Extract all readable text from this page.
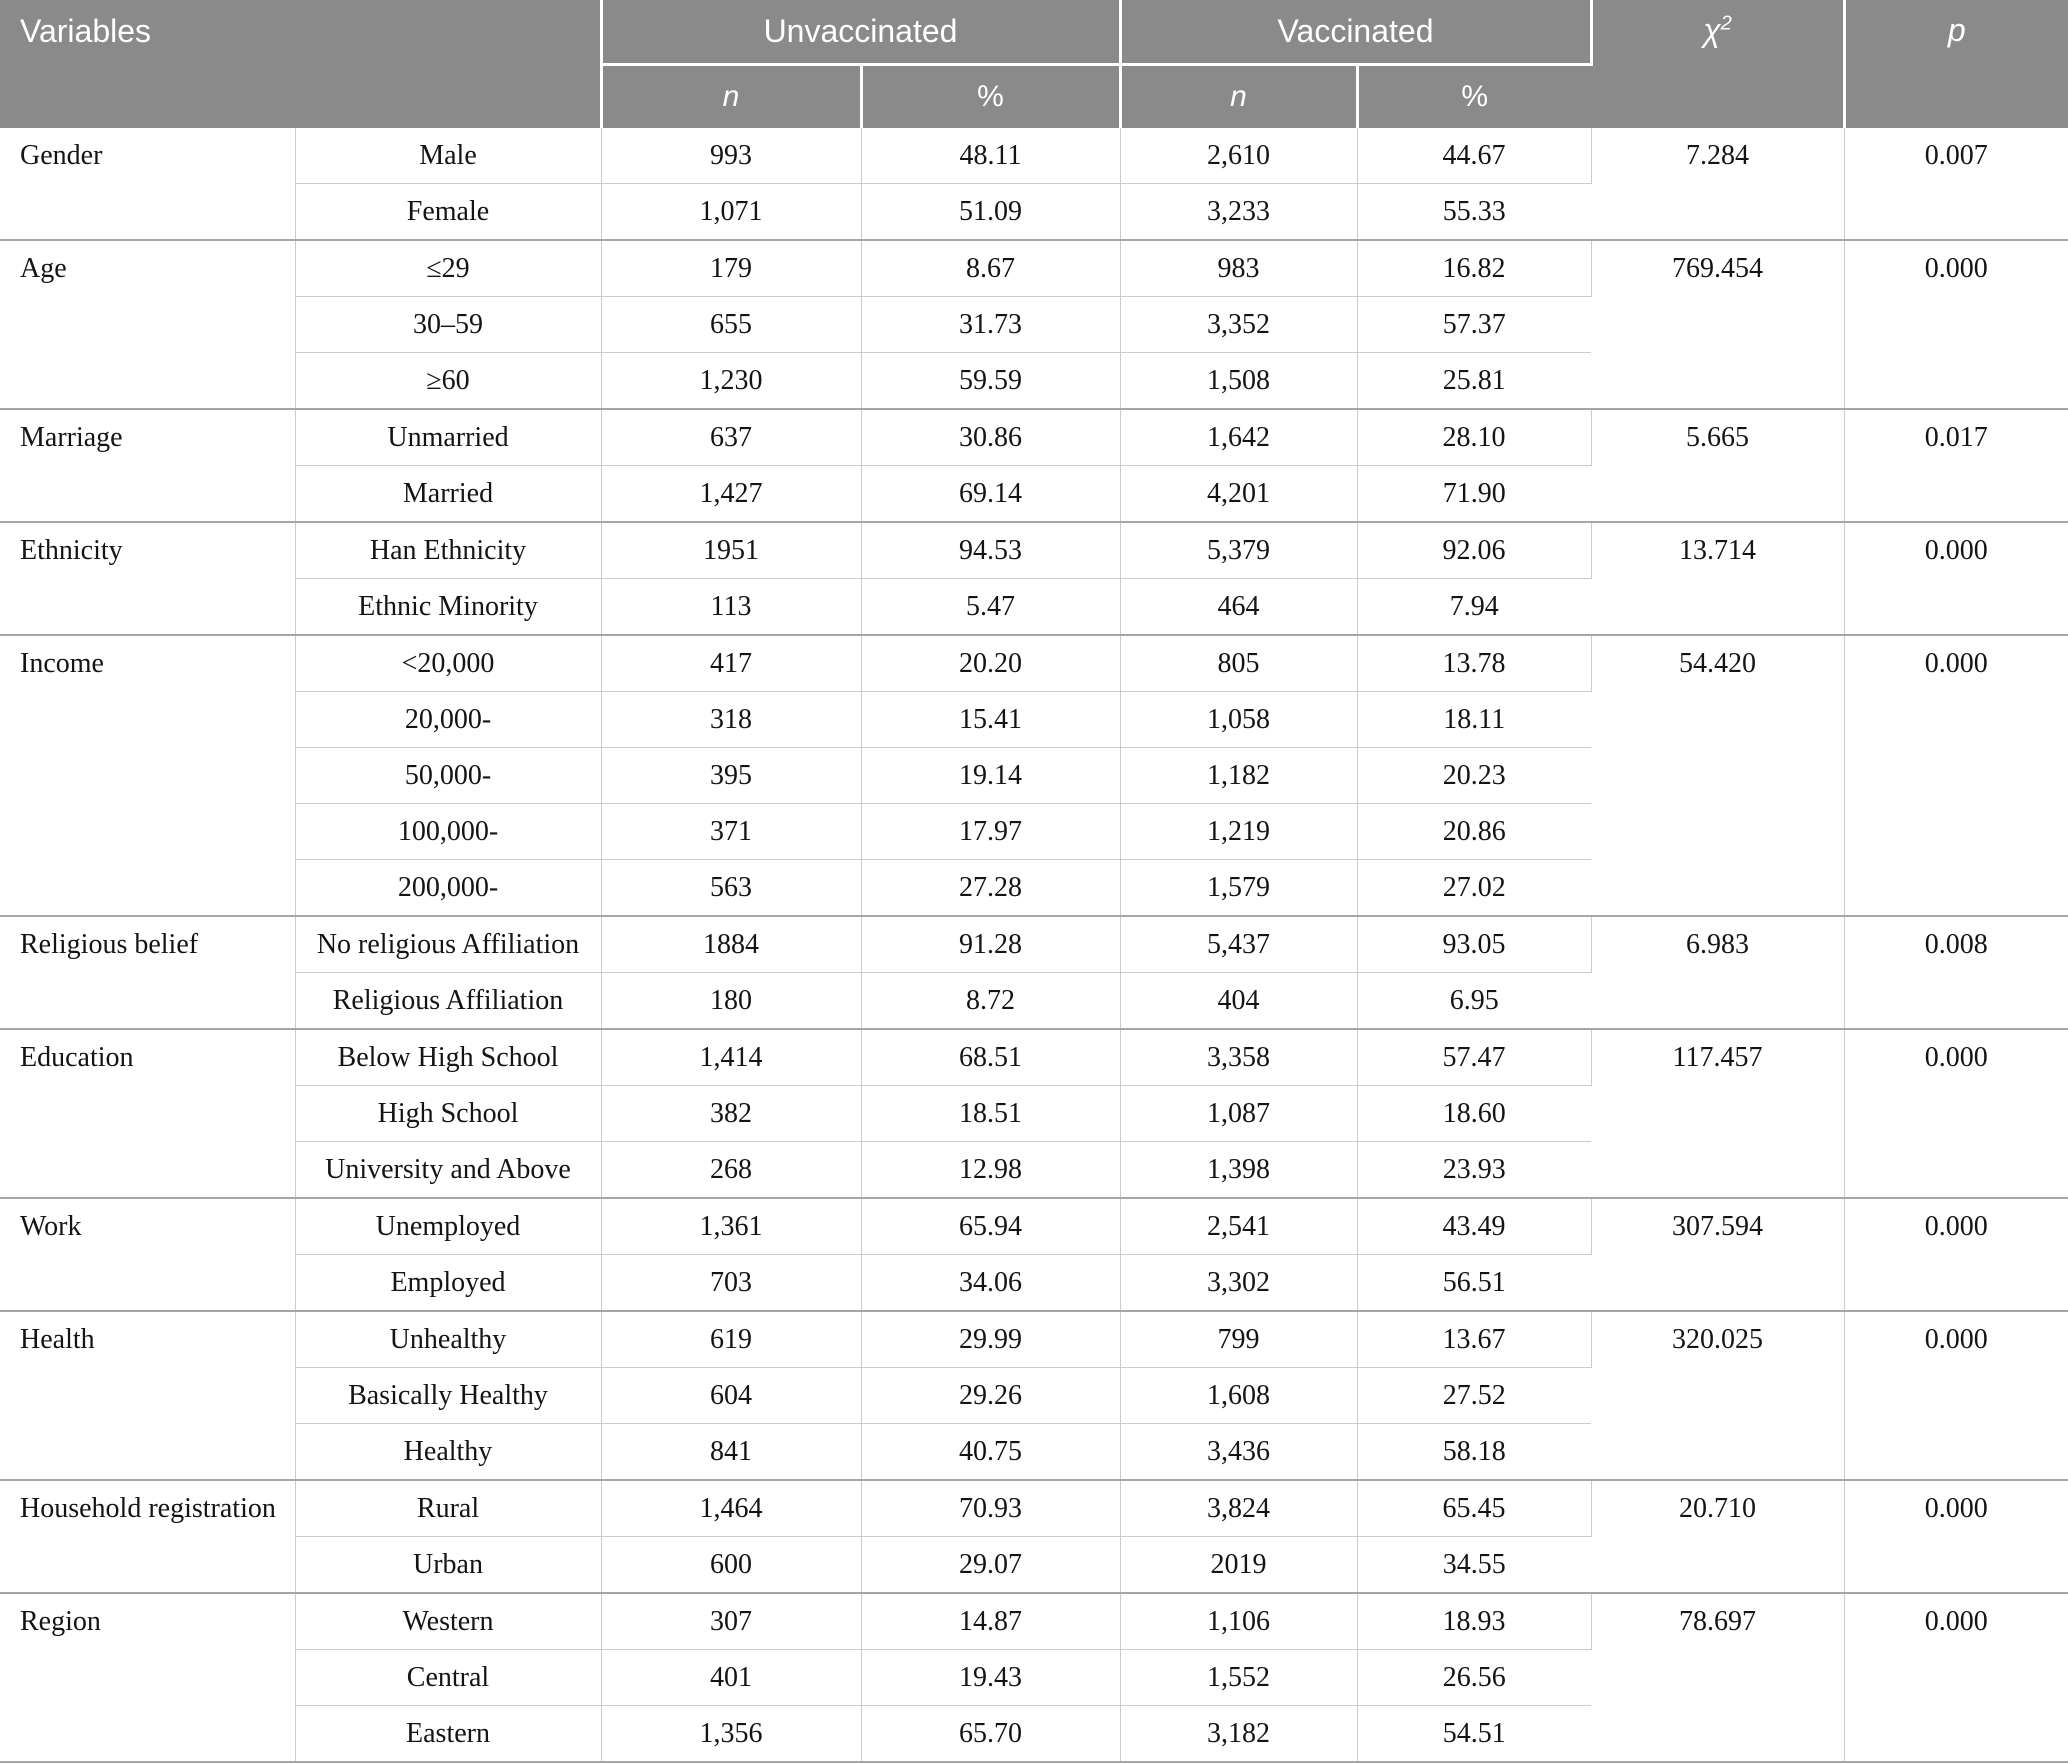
Variables		Unvaccinated		Vaccinated		$\chi^2$	p
		n	%	n	%		
Gender	Male	993	48.11	2,610	44.67	7.284	0.007
	Female	1,071	51.09	3,233	55.33		
Age	≤29	179	8.67	983	16.82	769.454	0.000
	30–59	655	31.73	3,352	57.37		
	≥60	1,230	59.59	1,508	25.81		
Marriage	Unmarried	637	30.86	1,642	28.10	5.665	0.017
	Married	1,427	69.14	4,201	71.90		
Ethnicity	Han Ethnicity	1951	94.53	5,379	92.06	13.714	0.000
	Ethnic Minority	113	5.47	464	7.94		
Income	<20,000	417	20.20	805	13.78	54.420	0.000
	20,000-	318	15.41	1,058	18.11		
	50,000-	395	19.14	1,182	20.23		
	100,000-	371	17.97	1,219	20.86		
	200,000-	563	27.28	1,579	27.02		
Religious belief	No religious Affiliation	1884	91.28	5,437	93.05	6.983	0.008
	Religious Affiliation	180	8.72	404	6.95		
Education	Below High School	1,414	68.51	3,358	57.47	117.457	0.000
	High School	382	18.51	1,087	18.60		
	University and Above	268	12.98	1,398	23.93		
Work	Unemployed	1,361	65.94	2,541	43.49	307.594	0.000
	Employed	703	34.06	3,302	56.51		
Health	Unhealthy	619	29.99	799	13.67	320.025	0.000
	Basically Healthy	604	29.26	1,608	27.52		
	Healthy	841	40.75	3,436	58.18		
Household registration	Rural	1,464	70.93	3,824	65.45	20.710	0.000
	Urban	600	29.07	2019	34.55		
Region	Western	307	14.87	1,106	18.93	78.697	0.000
	Central	401	19.43	1,552	26.56		
	Eastern	1,356	65.70	3,182	54.51		
